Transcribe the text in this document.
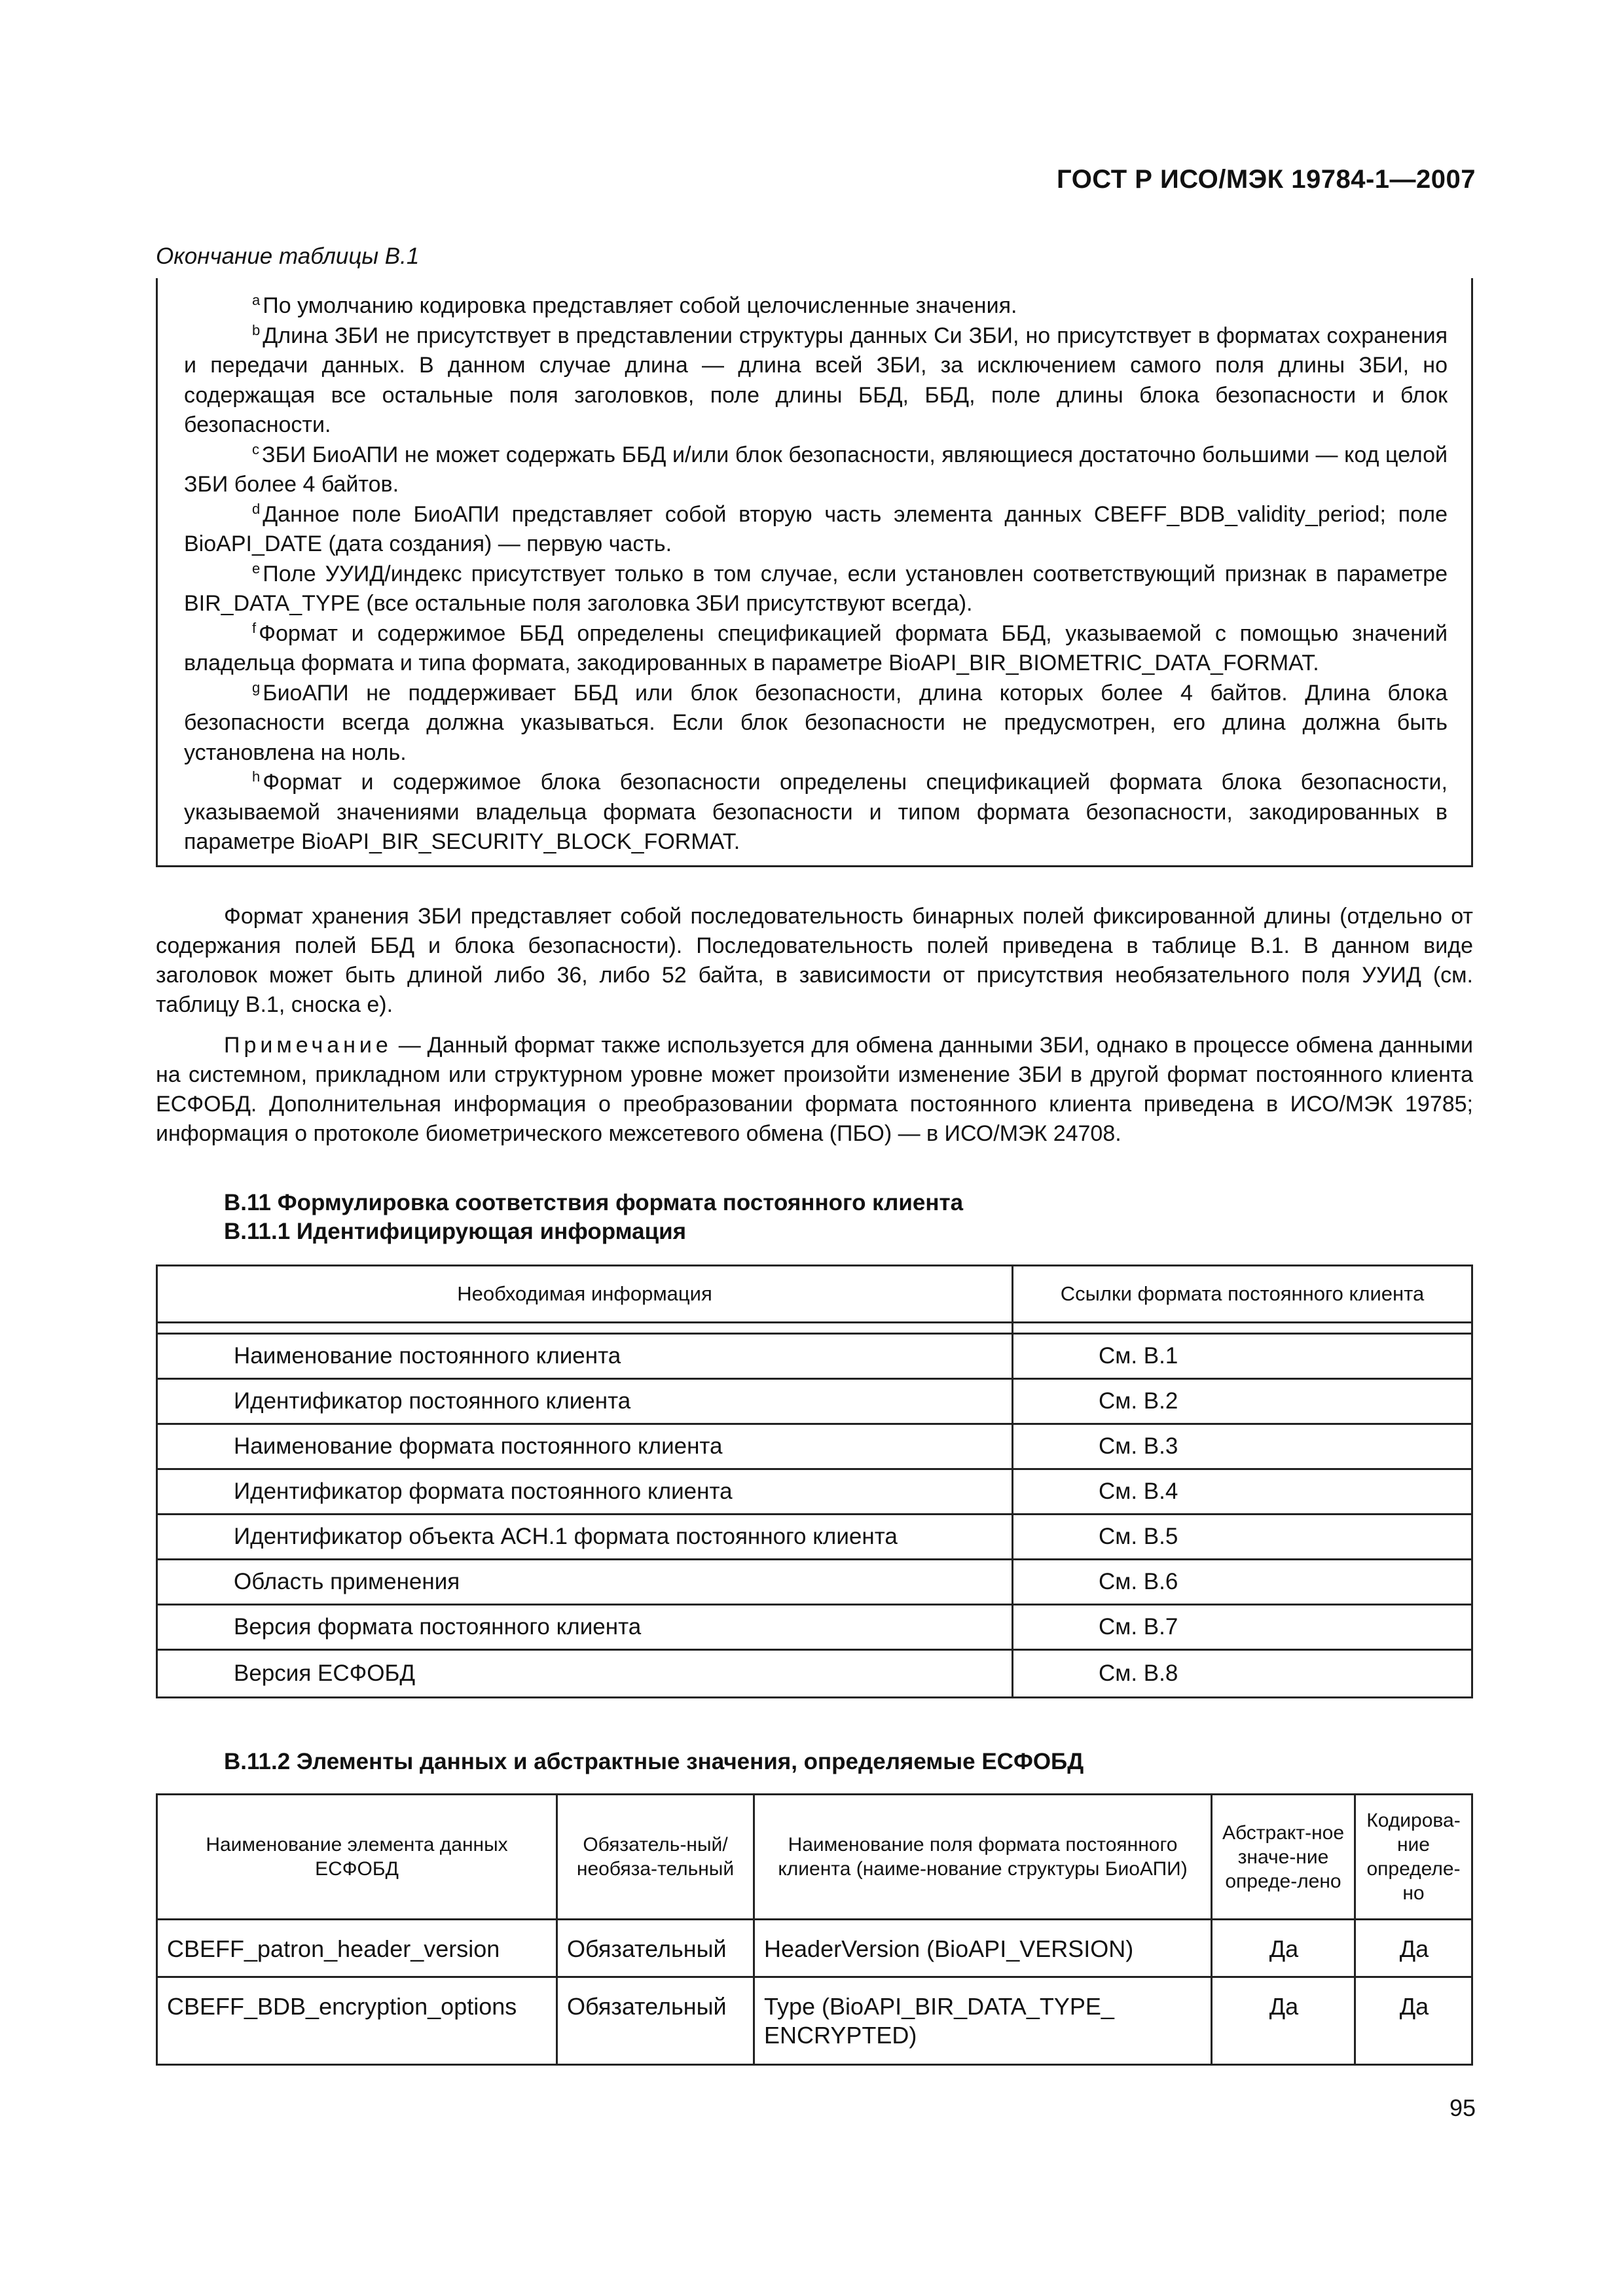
ГОСТ Р ИСО/МЭК 19784-1—2007
Окончание таблицы В.1

$^a$ По умолчанию кодировка представляет собой целочисленные значения.

$^b$ Длина ЗБИ не присутствует в представлении структуры данных Си ЗБИ, но присутствует в форматах сохранения и передачи данных. В данном случае длина — длина всей ЗБИ, за исключением самого поля длины ЗБИ, но содержащая все остальные поля заголовков, поле длины ББД, ББД, поле длины блока безопасности и блок безопасности.

$^c$ ЗБИ БиоАПИ не может содержать ББД и/или блок безопасности, являющиеся достаточно большими — код целой ЗБИ более 4 байтов.

$^d$ Данное поле БиоАПИ представляет собой вторую часть элемента данных CBEFF_BDB_validity_period; поле BioAPI_DATE (дата создания) — первую часть.

$^e$ Поле УУИД/индекс присутствует только в том случае, если установлен соответствующий признак в параметре BIR_DATA_TYPE (все остальные поля заголовка ЗБИ присутствуют всегда).

$^f$ Формат и содержимое ББД определены спецификацией формата ББД, указываемой с помощью значений владельца формата и типа формата, закодированных в параметре BioAPI_BIR_BIOMETRIC_DATA_FORMAT.

$^g$ БиоАПИ не поддерживает ББД или блок безопасности, длина которых более 4 байтов. Длина блока безопасности всегда должна указываться. Если блок безопасности не предусмотрен, его длина должна быть установлена на ноль.

$^h$ Формат и содержимое блока безопасности определены спецификацией формата блока безопасности, указываемой значениями владельца формата безопасности и типом формата безопасности, закодированных в параметре BioAPI_BIR_SECURITY_BLOCK_FORMAT.

Формат хранения ЗБИ представляет собой последовательность бинарных полей фиксированной длины (отдельно от содержания полей ББД и блока безопасности). Последовательность полей приведена в таблице В.1. В данном виде заголовок может быть длиной либо 36, либо 52 байта, в зависимости от присутствия необязательного поля УУИД (см. таблицу В.1, сноска е).

Примечание — Данный формат также используется для обмена данными ЗБИ, однако в процессе обмена данными на системном, прикладном или структурном уровне может произойти изменение ЗБИ в другой формат постоянного клиента ЕСФОБД. Дополнительная информация о преобразовании формата постоянного клиента приведена в ИСО/МЭК 19785; информация о протоколе биометрического межсетевого обмена (ПБО) — в ИСО/МЭК 24708.

В.11 Формулировка соответствия формата постоянного клиента
В.11.1 Идентифицирующая информация
Необходимая информация	Ссылки формата постоянного клиента

Наименование постоянного клиента	См. В.1
Идентификатор постоянного клиента	См. В.2
Наименование формата постоянного клиента	См. В.3
Идентификатор формата постоянного клиента	См. В.4
Идентификатор объекта АСН.1 формата постоянного клиента	См. В.5
Область применения	См. В.6
Версия формата постоянного клиента	См. В.7
Версия ЕСФОБД	См. В.8
В.11.2 Элементы данных и абстрактные значения, определяемые ЕСФОБД
Наименование элемента данных ЕСФОБД	Обязатель-ный/необяза-тельный	Наименование поля формата постоянного клиента (наиме-нование структуры БиоАПИ)	Абстракт-ное значе-ние опреде-лено	Кодирова-ние определе-но
CBEFF_patron_header_version	Обязательный	HeaderVersion (BioAPI_VERSION)	Да	Да
CBEFF_BDB_encryption_options	Обязательный	Type (BioAPI_BIR_DATA_TYPE_ ENCRYPTED)	Да	Да
95
